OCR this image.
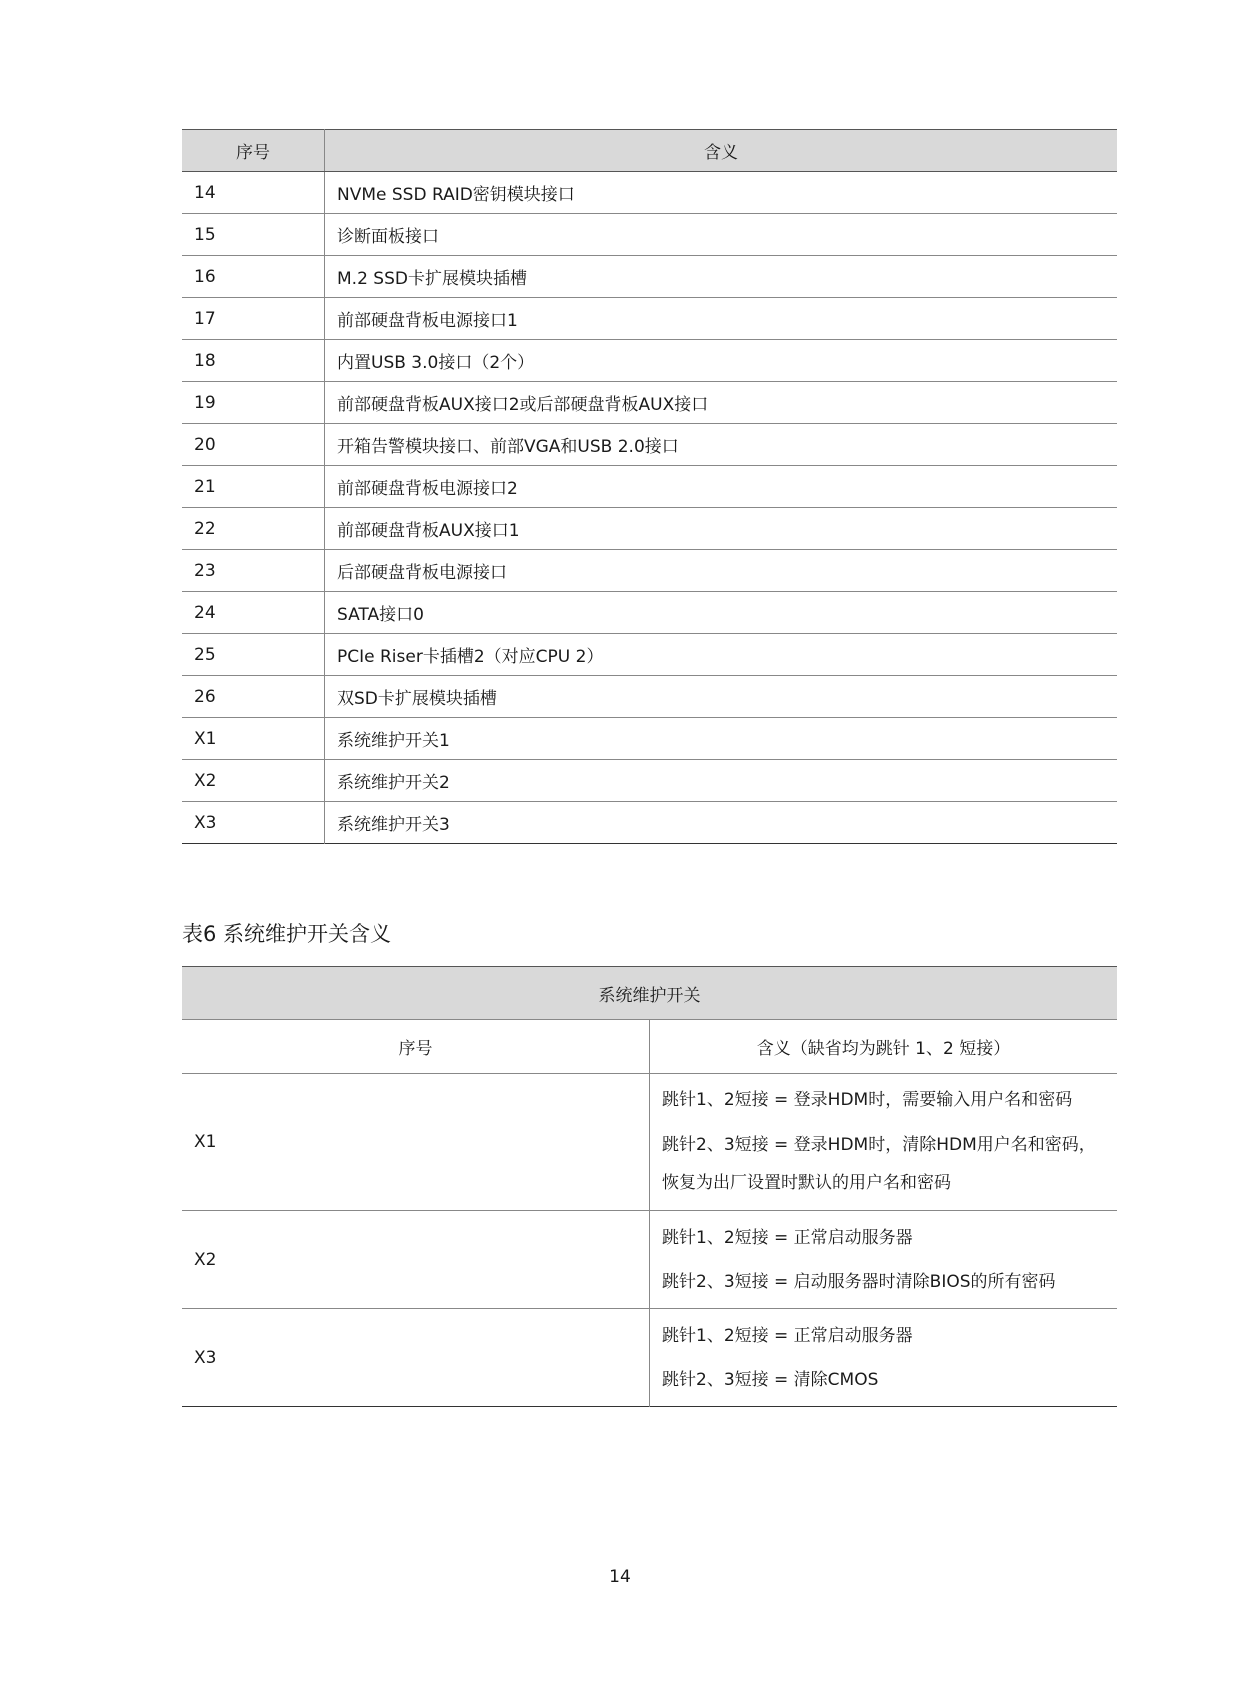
序号	含义
14	NVMe SSD RAID密钥模块接口
15	诊断面板接口
16	M.2 SSD卡扩展模块插槽
17	前部硬盘背板电源接口1
18	内置USB 3.0接口（2个）
19	前部硬盘背板AUX接口2或后部硬盘背板AUX接口
20	开箱告警模块接口、前部VGA和USB 2.0接口
21	前部硬盘背板电源接口2
22	前部硬盘背板AUX接口1
23	后部硬盘背板电源接口
24	SATA接口0
25	PCIe Riser卡插槽2（对应CPU 2）
26	双SD卡扩展模块插槽
X1	系统维护开关1
X2	系统维护开关2
X3	系统维护开关3
表6 系统维护开关含义
系统维护开关	
序号	含义（缺省均为跳针 1、2 短接）
X1	跳针1、2短接 = 登录HDM时，需要输入用户名和密码

跳针2、3短接 = 登录HDM时，清除HDM用户名和密码，恢复为出厂设置时默认的用户名和密码

X2	跳针1、2短接 = 正常启动服务器

跳针2、3短接 = 启动服务器时清除BIOS的所有密码

X3	跳针1、2短接 = 正常启动服务器

跳针2、3短接 = 清除CMOS

14
